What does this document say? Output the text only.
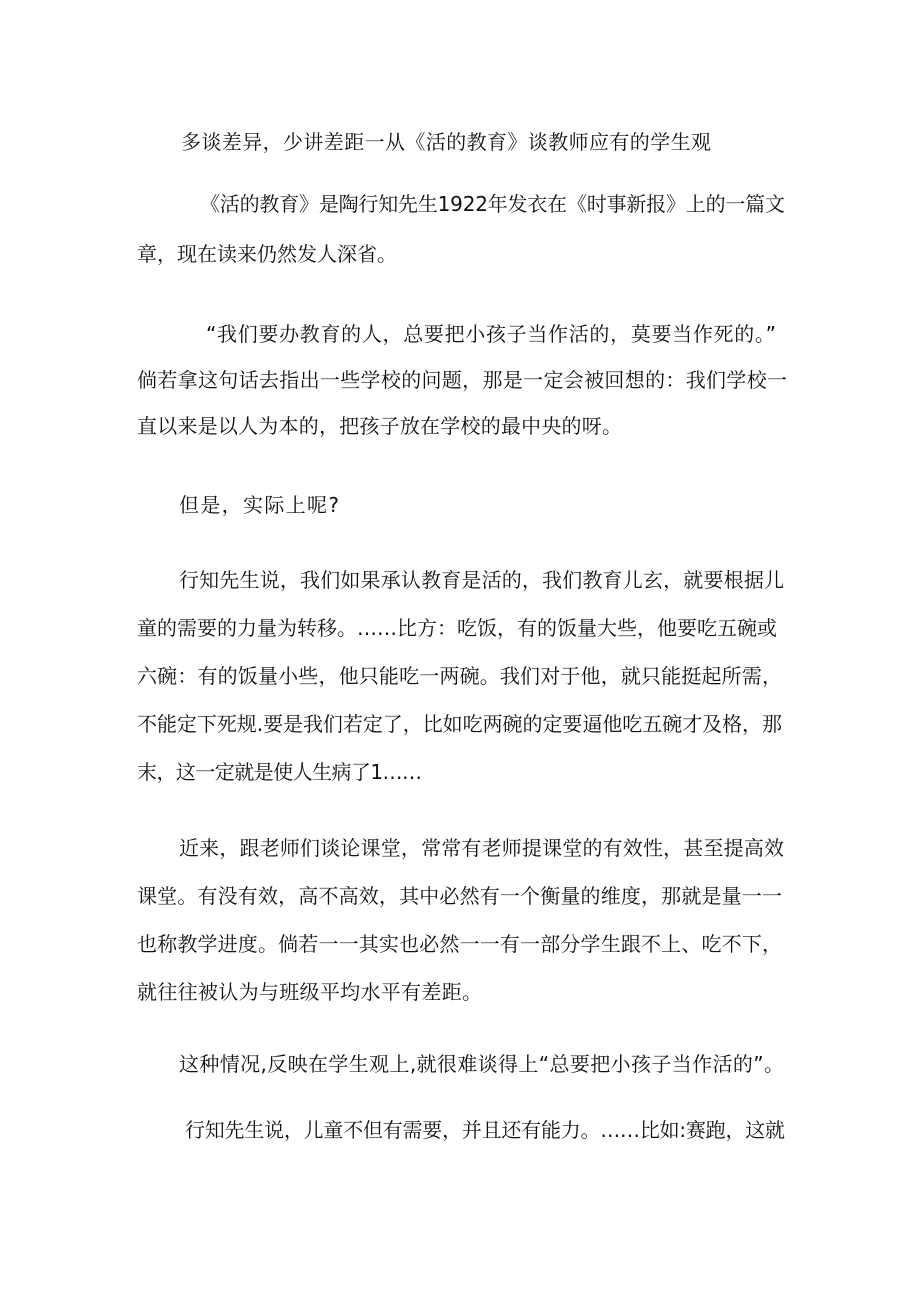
多谈差异，少讲差距一从《活的教育》谈教师应有的学生观
《活的教育》是陶行知先生1922年发衣在《时事新报》上的一篇文
章，现在读来仍然发人深省。
“我们要办教育的人，总要把小孩子当作活的，莫要当作死的。”
倘若拿这句话去指出一些学校的问题，那是一定会被回想的：我们学校一
直以来是以人为本的，把孩子放在学校的最中央的呀。
但是，实际上呢?
行知先生说，我们如果承认教育是活的，我们教育儿玄，就要根据儿
童的需要的力量为转移。……比方：吃饭，有的饭量大些，他要吃五碗或
六碗：有的饭量小些，他只能吃一两碗。我们对于他，就只能挺起所需，
不能定下死规.要是我们若定了，比如吃两碗的定要逼他吃五碗才及格，那
末，这一定就是使人生病了1……
近来，跟老师们谈论课堂，常常有老师提课堂的有效性，甚至提高效
课堂。有没有效，高不高效，其中必然有一个衡量的维度，那就是量一一
也称教学进度。倘若一一其实也必然一一有一部分学生跟不上、吃不下，
就往往被认为与班级平均水平有差距。
这种情况,反映在学生观上,就很难谈得上“总要把小孩子当作活的”。
行知先生说，儿童不但有需要，并且还有能力。……比如:赛跑，这就
